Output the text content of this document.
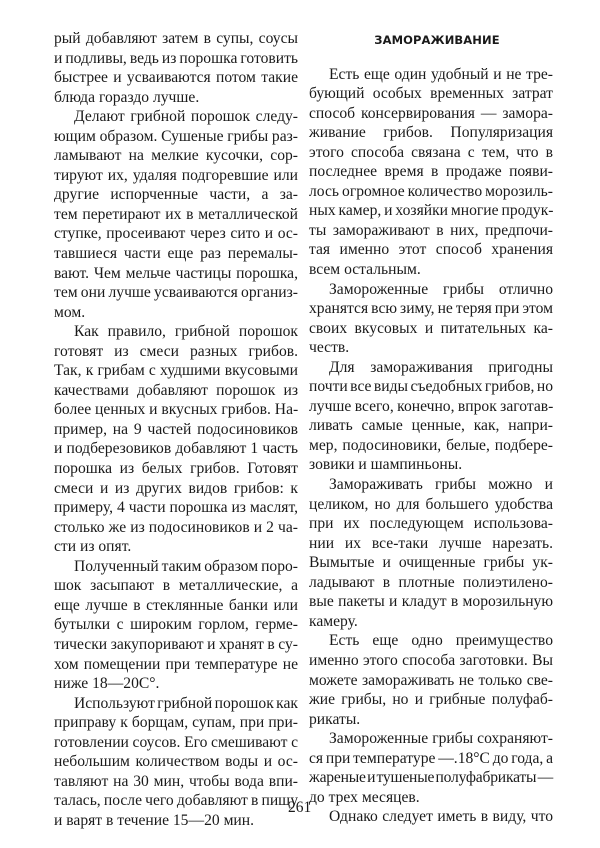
рый добавляют затем в супы, соусы
и подливы, ведь из порошка готовить
быстрее и усваиваются потом такие
блюда гораздо лучше.
Делают грибной порошок следу-
ющим образом. Сушеные грибы раз-
ламывают на мелкие кусочки, сор-
тируют их, удаляя подгоревшие или
другие испорченные части, а за-
тем перетирают их в металлической
ступке, просеивают через сито и ос-
тавшиеся части еще раз перемалы-
вают. Чем мельче частицы порошка,
тем они лучше усваиваются организ-
мом.
Как правило, грибной порошок
готовят из смеси разных грибов.
Так, к грибам с худшими вкусовыми
качествами добавляют порошок из
более ценных и вкусных грибов. На-
пример, на 9 частей подосиновиков
и подберезовиков добавляют 1 часть
порошка из белых грибов. Готовят
смеси и из других видов грибов: к
примеру, 4 части порошка из маслят,
столько же из подосиновиков и 2 ча-
сти из опят.
Полученный таким образом поро-
шок засыпают в металлические, а
еще лучше в стеклянные банки или
бутылки с широким горлом, герме-
тически закупоривают и хранят в су-
хом помещении при температуре не
ниже 18—20С°.
Используют грибной порошок как
приправу к борщам, супам, при при-
готовлении соусов. Его смешивают с
небольшим количеством воды и ос-
тавляют на 30 мин, чтобы вода впи-
талась, после чего добавляют в пищу
и варят в течение 15—20 мин.
ЗАМОРАЖИВАНИЕ
Есть еще один удобный и не тре-
бующий особых временных затрат
способ консервирования — замора-
живание грибов. Популяризация
этого способа связана с тем, что в
последнее время в продаже появи-
лось огромное количество морозиль-
ных камер, и хозяйки многие продук-
ты замораживают в них, предпочи-
тая именно этот способ хранения
всем остальным.
Замороженные грибы отлично
хранятся всю зиму, не теряя при этом
своих вкусовых и питательных ка-
честв.
Для замораживания пригодны
почти все виды съедобных грибов, но
лучше всего, конечно, впрок заготав-
ливать самые ценные, как, напри-
мер, подосиновики, белые, подбере-
зовики и шампиньоны.
Замораживать грибы можно и
целиком, но для большего удобства
при их последующем использова-
нии их все-таки лучше нарезать.
Вымытые и очищенные грибы ук-
ладывают в плотные полиэтилено-
вые пакеты и кладут в морозильную
камеру.
Есть еще одно преимущество
именно этого способа заготовки. Вы
можете замораживать не только све-
жие грибы, но и грибные полуфаб-
рикаты.
Замороженные грибы сохраняют-
ся при температуре —.18°С до года, а
жареные и тушеные полуфабрикаты —
до трех месяцев.
Однако следует иметь в виду, что
261
